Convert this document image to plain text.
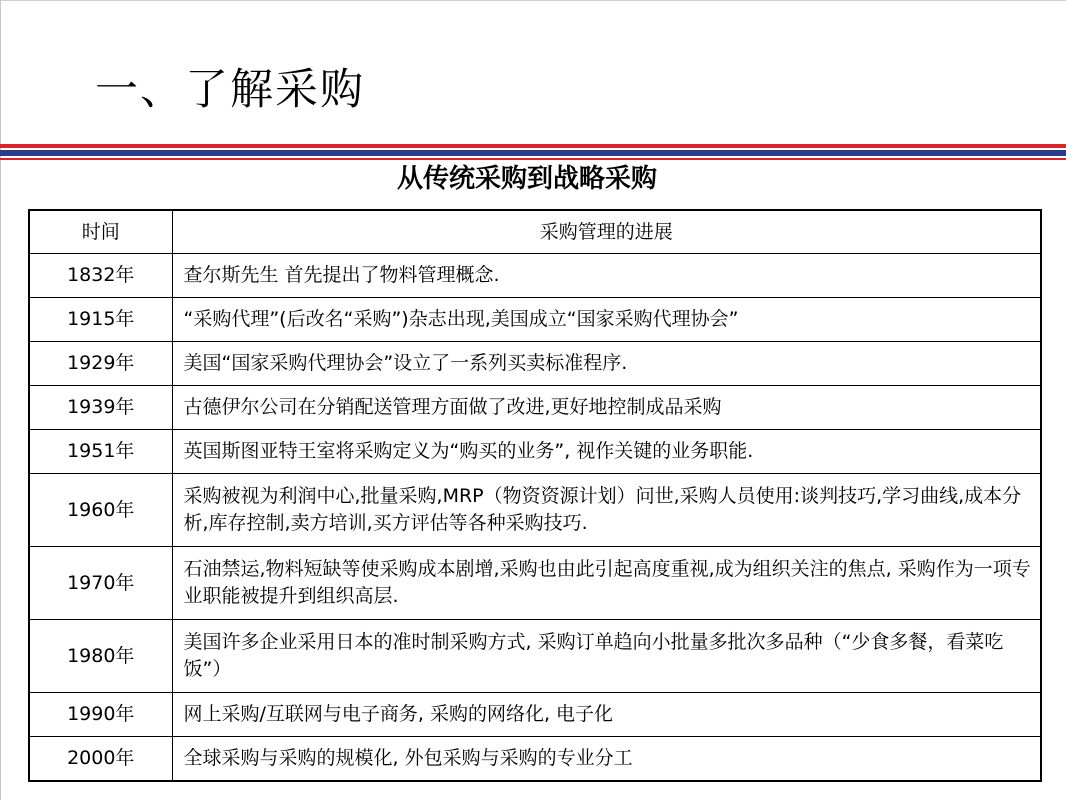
一、了解采购
从传统采购到战略采购
时间	采购管理的进展
1832年	查尔斯先生 首先提出了物料管理概念.
1915年	“采购代理”(后改名“采购”)杂志出现,美国成立“国家采购代理协会”
1929年	美国“国家采购代理协会”设立了一系列买卖标准程序.
1939年	古德伊尔公司在分销配送管理方面做了改进,更好地控制成品采购
1951年	英国斯图亚特王室将采购定义为“购买的业务”, 视作关键的业务职能.
1960年	采购被视为利润中心,批量采购,MRP（物资资源计划）问世,采购人员使用:谈判技巧,学习曲线,成本分析,库存控制,卖方培训,买方评估等各种采购技巧.
1970年	石油禁运,物料短缺等使采购成本剧增,采购也由此引起高度重视,成为组织关注的焦点, 采购作为一项专业职能被提升到组织高层.
1980年	美国许多企业采用日本的准时制采购方式, 采购订单趋向小批量多批次多品种（“少食多餐，看菜吃饭”）
1990年	网上采购/互联网与电子商务, 采购的网络化, 电子化
2000年	全球采购与采购的规模化, 外包采购与采购的专业分工
